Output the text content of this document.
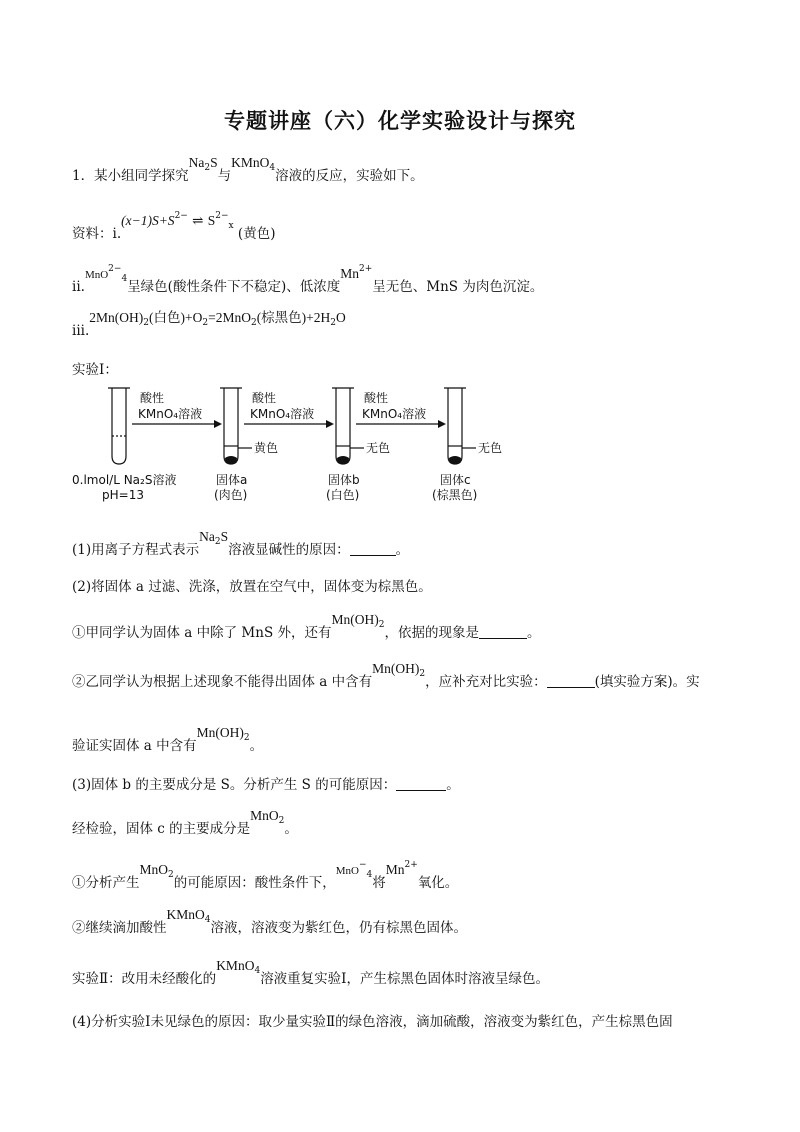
专题讲座（六）化学实验设计与探究
1．某小组同学探究Na$^2$S与KMnO$^4$溶液的反应，实验如下。
资料：$i.(x-1)S+S^{2-}$ ⇌ $S^{2-}_x$ (黄色)
ii.MnO$^{2-}_4$呈绿色(酸性条件下不稳定)、低浓度$Mn^{2+}$呈无色、MnS 为肉色沉淀。
$iii.2Mn(OH)_2$(白色)$+O_2=2MnO_2$(棕黑色)$+2H_2O$
实验Ⅰ：
酸性
KMnO₄溶液
酸性
KMnO₄溶液
酸性
KMnO₄溶液
黄色	无色	无色
0.lmol/L Na₂S溶液
pH=13
固体a
(肉色)
固体b
(白色)
固体c
(棕黑色)
(1)用离子方程式表示$Na_2S$溶液显碱性的原因：	。
(2)将固体 a 过滤、洗涤，放置在空气中，固体变为棕黑色。
①甲同学认为固体 a 中除了 MnS 外，还有$Mn(OH)_2$，依据的现象是	。
②乙同学认为根据上述现象不能得出固体 a 中含有$Mn(OH)_2$，应补充对比实验：	(填实验方案)。实
验证实固体 a 中含有$Mn(OH)_2$。
(3)固体 b 的主要成分是 S。分析产生 S 的可能原因：	。
经检验，固体 c 的主要成分是MnO$_2$。
①分析产生MnO$_2$的可能原因：酸性条件下，MnO−$_4$将$Mn^{2+}$氧化。
②继续滴加酸性KMnO$_4$溶液，溶液变为紫红色，仍有棕黑色固体。
实验Ⅱ：改用未经酸化的KMnO$_4$溶液重复实验Ⅰ，产生棕黑色固体时溶液呈绿色。
(4)分析实验Ⅰ未见绿色的原因：取少量实验Ⅱ的绿色溶液，滴加硫酸，溶液变为紫红色，产生棕黑色固
